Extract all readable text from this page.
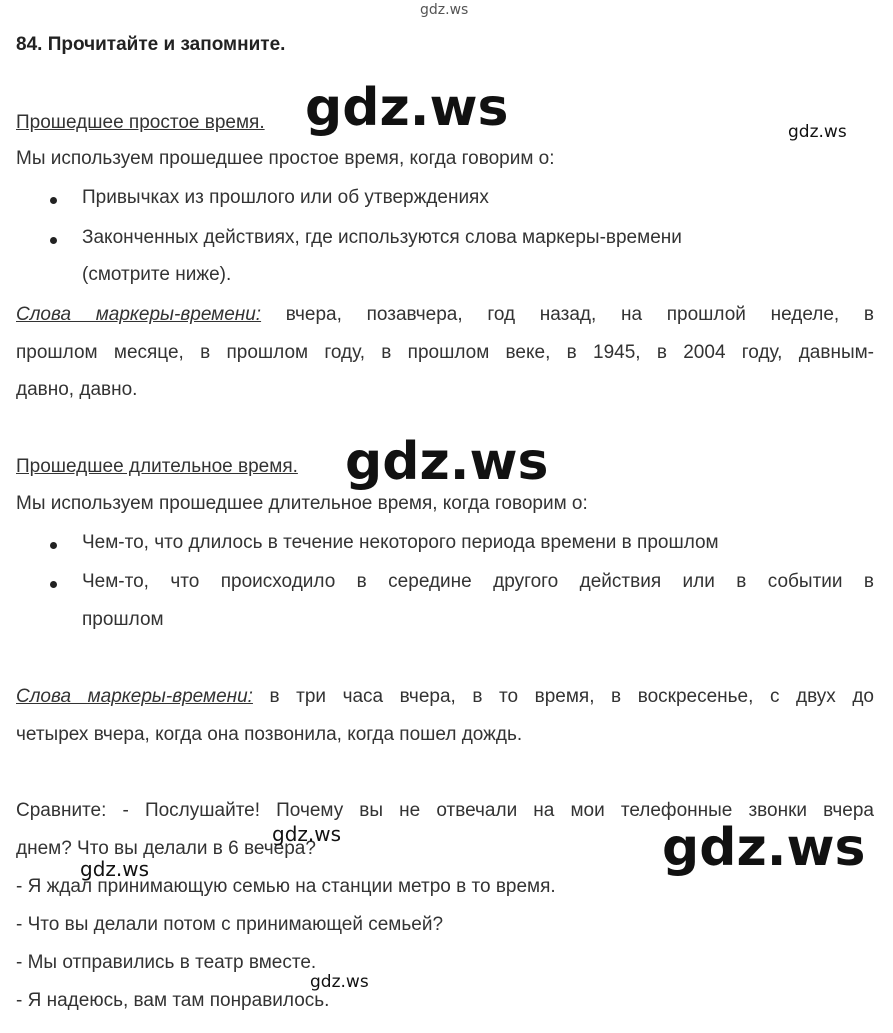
gdz.ws
84. Прочитайте и запомните.
Прошедшее простое время. gdz.ws	gdz.ws
Мы используем прошедшее простое время, когда говорим о:
Привычках из прошлого или об утверждениях
Законченных действиях, где используются слова маркеры-времени
(смотрите ниже).
Слова маркеры-времени: вчера, позавчера, год назад, на прошлой неделе, в
прошлом месяце, в прошлом году, в прошлом веке, в 1945, в 2004 году, давным-
давно, давно.
Прошедшее длительное время. gdz.ws
Мы используем прошедшее длительное время, когда говорим о:
Чем-то, что длилось в течение некоторого периода времени в прошлом
Чем-то, что происходило в середине другого действия или в событии в
прошлом
Слова маркеры-времени: в три часа вчера, в то время, в воскресенье, с двух до
четырех вчера, когда она позвонила, когда пошел дождь.
Сравните: - Послушайте! Почему вы не отвечали на мои телефонные звонки вчера
днем? Что вы делали в 6 вечера?
gdz.ws
gdz.ws	gdz.ws
- Я ждал принимающую семью на станции метро в то время.
- Что вы делали потом с принимающей семьей?
- Мы отправились в театр вместе.
gdz.ws
- Я надеюсь, вам там понравилось.
